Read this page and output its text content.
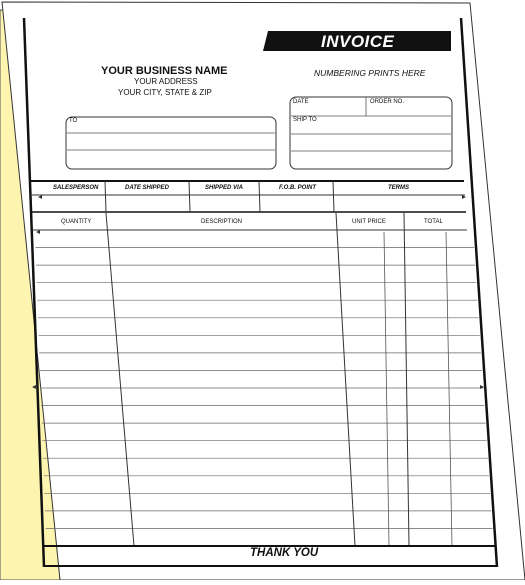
INVOICE
NUMBERING PRINTS HERE
YOUR BUSINESS NAME
YOUR ADDRESS
YOUR CITY, STATE & ZIP
TO
DATE	ORDER NO.
SHIP TO
SALESPERSON	DATE SHIPPED	SHIPPED VIA	F.O.B. POINT	TERMS
QUANTITY	DESCRIPTION	UNIT PRICE	TOTAL
THANK YOU
